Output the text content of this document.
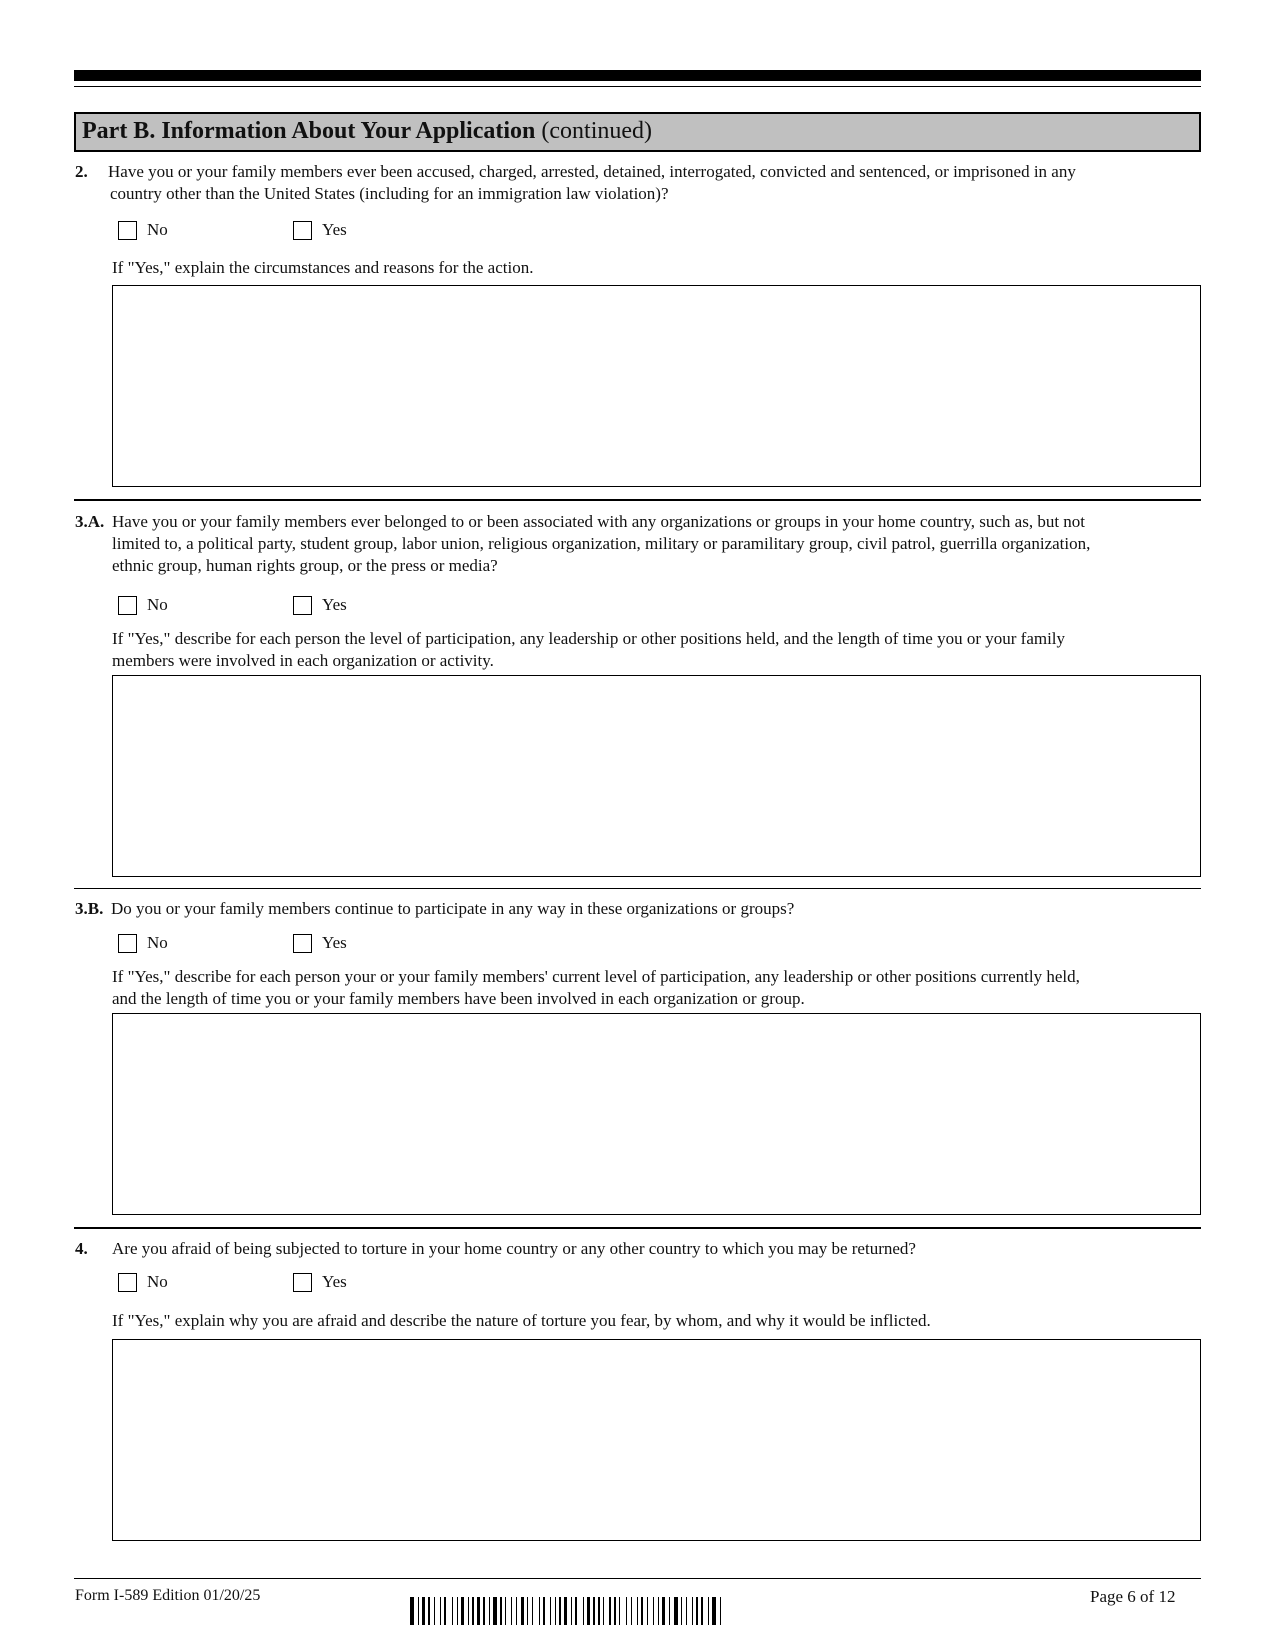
Part B. Information About Your Application (continued)
2. Have you or your family members ever been accused, charged, arrested, detained, interrogated, convicted and sentenced, or imprisoned in any
country other than the United States (including for an immigration law violation)?
No	Yes
If "Yes," explain the circumstances and reasons for the action.
3.A. Have you or your family members ever belonged to or been associated with any organizations or groups in your home country, such as, but not
limited to, a political party, student group, labor union, religious organization, military or paramilitary group, civil patrol, guerrilla organization,
ethnic group, human rights group, or the press or media?
No	Yes
If "Yes," describe for each person the level of participation, any leadership or other positions held, and the length of time you or your family
members were involved in each organization or activity.
3.B. Do you or your family members continue to participate in any way in these organizations or groups?
No	Yes
If "Yes," describe for each person your or your family members' current level of participation, any leadership or other positions currently held,
and the length of time you or your family members have been involved in each organization or group.
4. Are you afraid of being subjected to torture in your home country or any other country to which you may be returned?
No	Yes
If "Yes," explain why you are afraid and describe the nature of torture you fear, by whom, and why it would be inflicted.
Form I-589 Edition 01/20/25	Page 6 of 12
